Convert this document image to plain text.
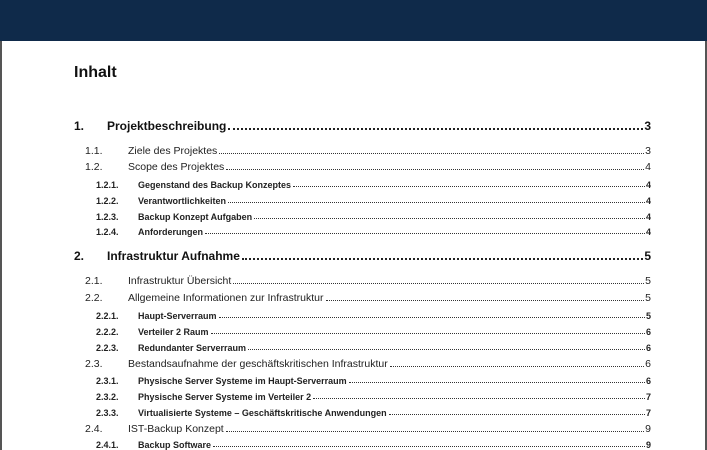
Inhalt
1.	Projektbeschreibung	3
1.1.	Ziele des Projektes	3
1.2.	Scope des Projektes	4
1.2.1.	Gegenstand des Backup Konzeptes	4
1.2.2.	Verantwortlichkeiten	4
1.2.3.	Backup Konzept Aufgaben	4
1.2.4.	Anforderungen	4
2.	Infrastruktur Aufnahme	5
2.1.	Infrastruktur Übersicht	5
2.2.	Allgemeine Informationen zur Infrastruktur	5
2.2.1.	Haupt-Serverraum	5
2.2.2.	Verteiler 2 Raum	6
2.2.3.	Redundanter Serverraum	6
2.3.	Bestandsaufnahme der geschäftskritischen Infrastruktur	6
2.3.1.	Physische Server Systeme im Haupt-Serverraum	6
2.3.2.	Physische Server Systeme im Verteiler 2	7
2.3.3.	Virtualisierte Systeme – Geschäftskritische Anwendungen	7
2.4.	IST-Backup Konzept	9
2.4.1.	Backup Software	9
